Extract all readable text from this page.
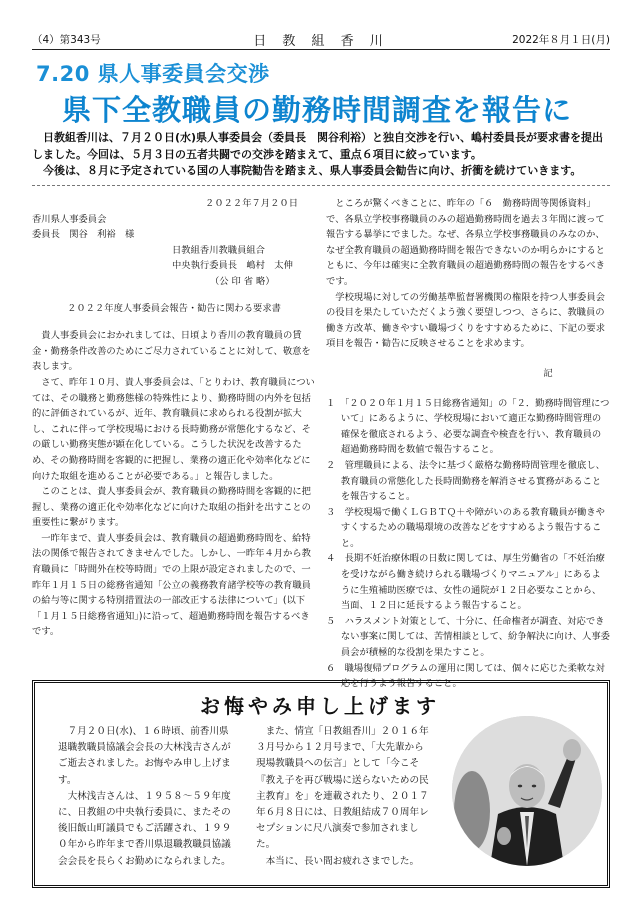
（4）第343号	日 教 組 香 川	2022年８月１日(月)
7.20 県人事委員会交渉
県下全教職員の勤務時間調査を報告に

日教組香川は、７月２０日(水)県人事委員会（委員長　関谷利裕）と独自交渉を行い、嶋村委員長が要求書を提出しました。今回は、５月３日の五者共闘での交渉を踏まえて、重点６項目に絞っています。

今後は、８月に予定されている国の人事院勧告を踏まえ、県人事委員会勧告に向け、折衝を続けていきます。

２０２２年７月２０日

香川県人事委員会

委員長　関谷　利裕　様

日教組香川教職員組合

中央執行委員長　嶋村　太伸

（公 印 省 略）

２０２２年度人事委員会報告・勧告に関わる要求書

貴人事委員会におかれましては、日頃より香川の教育職員の賃金・勤務条件改善のためにご尽力されていることに対して、敬意を表します。

さて、昨年１０月、貴人事委員会は、「とりわけ、教育職員については、その職務と勤務態様の特殊性により、勤務時間の内外を包括的に評価されているが、近年、教育職員に求められる役割が拡大し、これに伴って学校現場における長時勤務が常態化するなど、その厳しい勤務実態が顕在化している。こうした状況を改善するため、その勤務時間を客観的に把握し、業務の適正化や効率化などに向けた取組を進めることが必要である。」と報告しました。

このことは、貴人事委員会が、教育職員の勤務時間を客観的に把握し、業務の適正化や効率化などに向けた取組の指針を出すことの重要性に繋がります。

一昨年まで、貴人事委員会は、教育職員の超過勤務時間を、給特法の関係で報告されてきませんでした。しかし、一昨年４月から教育職員に「時間外在校等時間」での上限が設定されましたので、一昨年１月１５日の総務省通知「公立の義務教育諸学校等の教育職員の給与等に関する特別措置法の一部改正する法律について」(以下「１月１５日総務省通知」)に沿って、超過勤務時間を報告するべきです。

ところが驚くべきことに、昨年の「６　勤務時間等関係資料」で、各県立学校事務職員のみの超過勤務時間を過去３年間に渡って報告する暴挙にでました。なぜ、各県立学校事務職員のみなのか、なぜ全教育職員の超過勤務時間を報告できないのか明らかにするとともに、今年は確実に全教育職員の超過勤務時間の報告をするべきです。

学校現場に対しての労働基準監督署機関の権限を持つ人事委員会の役目を果たしていただくよう強く要望しつつ、さらに、教職員の働き方改革、働きやすい職場づくりをすすめるために、下記の要求項目を報告・勧告に反映させることを求めます。

記

１　「２０２０年１月１５日総務省通知」の「２．勤務時間管理について」にあるように、学校現場において適正な勤務時間管理の確保を徹底されるよう、必要な調査や検査を行い、教育職員の超過勤務時間を数値で報告すること。

２　管理職員による、法令に基づく厳格な勤務時間管理を徹底し、教育職員の常態化した長時間勤務を解消させる實務があることを報告すること。

３　学校現場で働くＬＧＢＴＱ＋や障がいのある教育職員が働きやすくするための職場環境の改善などをすすめるよう報告すること。

４　長期不妊治療休暇の日数に関しては、厚生労働省の「不妊治療を受けながら働き続けられる職場づくりマニュアル」にあるように生殖補助医療では、女性の通院が１２日必要なことから、当面、１２日に延長するよう報告すること。

５　ハラスメント対策として、十分に、任命権者が調査、対応できない事案に関しては、苦情相談として、紛争解決に向け、人事委員会が積極的な役割を果たすこと。

６　職場復帰プログラムの運用に関しては、個々に応じた柔軟な対応を行うよう報告すること。

お悔やみ申し上げます

７月２０日(水)、１６時頃、前香川県退職教職員協議会会長の大林浅吉さんがご逝去されました。お悔やみ申し上げます。

大林浅吉さんは、１９５８～５９年度に、日教組の中央執行委員に、またその後旧飯山町議員でもご活躍され、１９９０年から昨年まで香川県退職教職員協議会会長を長らくお勤めになられました。

また、情宣「日教組香川」２０１６年３月号から１２月号まで、「大先輩から現場教職員への伝言」として「今こそ『教え子を再び戦場に送らないための民主教育』を」を連載されたり、２０１７年６月８日には、日教組結成７０周年レセプションに尺八演奏で参加されました。

本当に、長い間お疲れさまでした。
